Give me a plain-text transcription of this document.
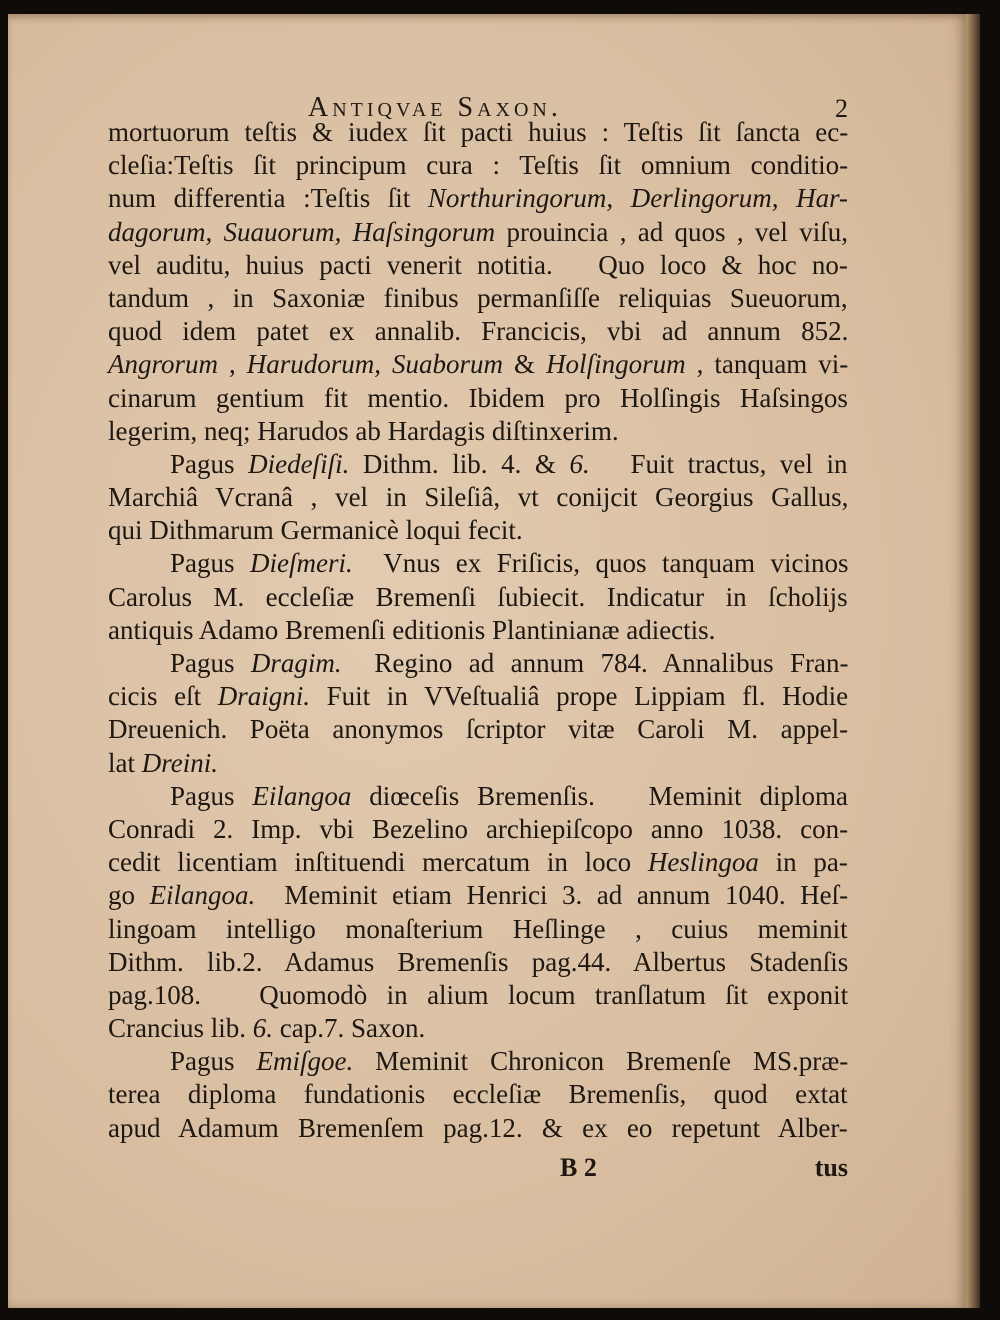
Antiqvae Saxon.	2
mortuorum teſtis & iudex ſit pacti huius : Teſtis ſit ſancta ec-
cleſia:Teſtis ſit principum cura : Teſtis ſit omnium conditio-
num differentia :Teſtis ſit Northuringorum, Derlingorum, Har-
dagorum, Suauorum, Haſsingorum prouincia , ad quos , vel viſu,
vel auditu, huius pacti venerit notitia.   Quo loco & hoc no-
tandum , in Saxoniæ finibus permanſiſſe reliquias Sueuorum,
quod idem patet ex annalib. Francicis, vbi ad annum 852.
Angrorum , Harudorum, Suaborum & Holſingorum , tanquam vi-
cinarum gentium fit mentio. Ibidem pro Holſingis Haſsingos
legerim, neq; Harudos ab Hardagis diſtinxerim.
Pagus Diedeſiſi. Dithm. lib. 4. & 6.   Fuit tractus, vel in
Marchiâ Vcranâ , vel in Sileſiâ, vt conijcit Georgius Gallus,
qui Dithmarum Germanicè loqui fecit.
Pagus Dieſmeri.  Vnus ex Friſicis, quos tanquam vicinos
Carolus M. eccleſiæ Bremenſi ſubiecit. Indicatur in ſcholijs
antiquis Adamo Bremenſi editionis Plantinianæ adiectis.
Pagus Dragim.  Regino ad annum 784. Annalibus Fran-
cicis eſt Draigni. Fuit in VVeſtualiâ prope Lippiam fl. Hodie
Dreuenich. Poëta anonymos ſcriptor vitæ Caroli M. appel-
lat Dreini.
Pagus Eilangoa diœceſis Bremenſis.   Meminit diploma
Conradi 2. Imp. vbi Bezelino archiepiſcopo anno 1038. con-
cedit licentiam inſtituendi mercatum in loco Heslingoa in pa-
go Eilangoa.  Meminit etiam Henrici 3. ad annum 1040. Heſ-
lingoam intelligo monaſterium Heſlinge , cuius meminit
Dithm. lib.2. Adamus Bremenſis pag.44. Albertus Stadenſis
pag.108.   Quomodò in alium locum tranſlatum ſit exponit
Crancius lib. 6. cap.7. Saxon.
Pagus Emiſgoe. Meminit Chronicon Bremenſe MS.præ-
terea diploma fundationis eccleſiæ Bremenſis, quod extat
apud Adamum Bremenſem pag.12. & ex eo repetunt Alber-
B 2	tus
